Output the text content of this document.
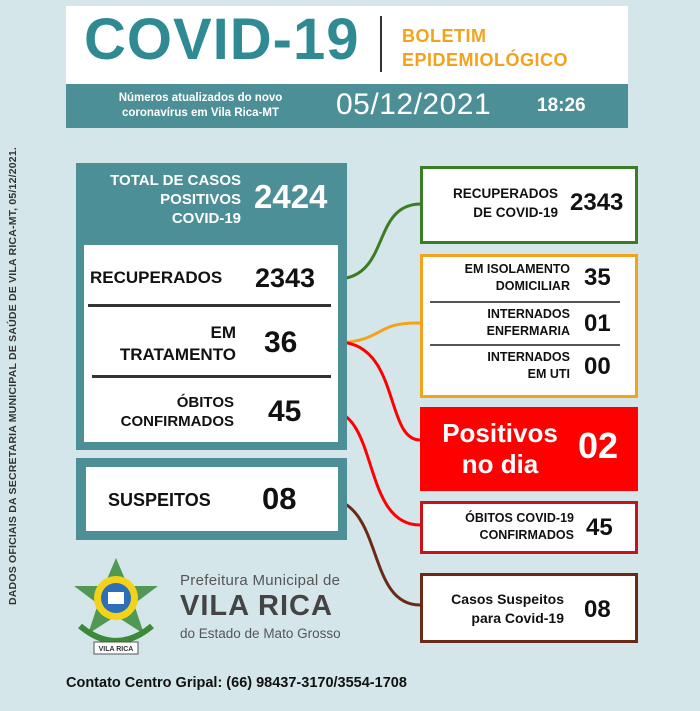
DADOS OFICIAIS DA SECRETARIA MUNICIPAL DE SAÚDE DE VILA RICA-MT, 05/12/2021.
COVID-19 BOLETIM
EPIDEMIOLÓGICO
Números atualizados do novo
coronavírus em Vila Rica-MT	05/12/2021 18:26
TOTAL DE CASOS
POSITIVOS
COVID-19
2424
RECUPERADOS 2343
EM
TRATAMENTO 36
ÓBITOS
CONFIRMADOS 45
SUSPEITOS 08
RECUPERADOS
DE COVID-19 2343
EM ISOLAMENTO
DOMICILIAR 35
INTERNADOS
ENFERMARIA 01
INTERNADOS
EM UTI 00
Positivos
no dia	02
ÓBITOS COVID-19
CONFIRMADOS 45
Casos Suspeitos
para Covid-19 08
VILA RICA
Prefeitura Municipal de
VILA RICA
do Estado de Mato Grosso
Contato Centro Gripal: (66) 98437-3170/3554-1708
